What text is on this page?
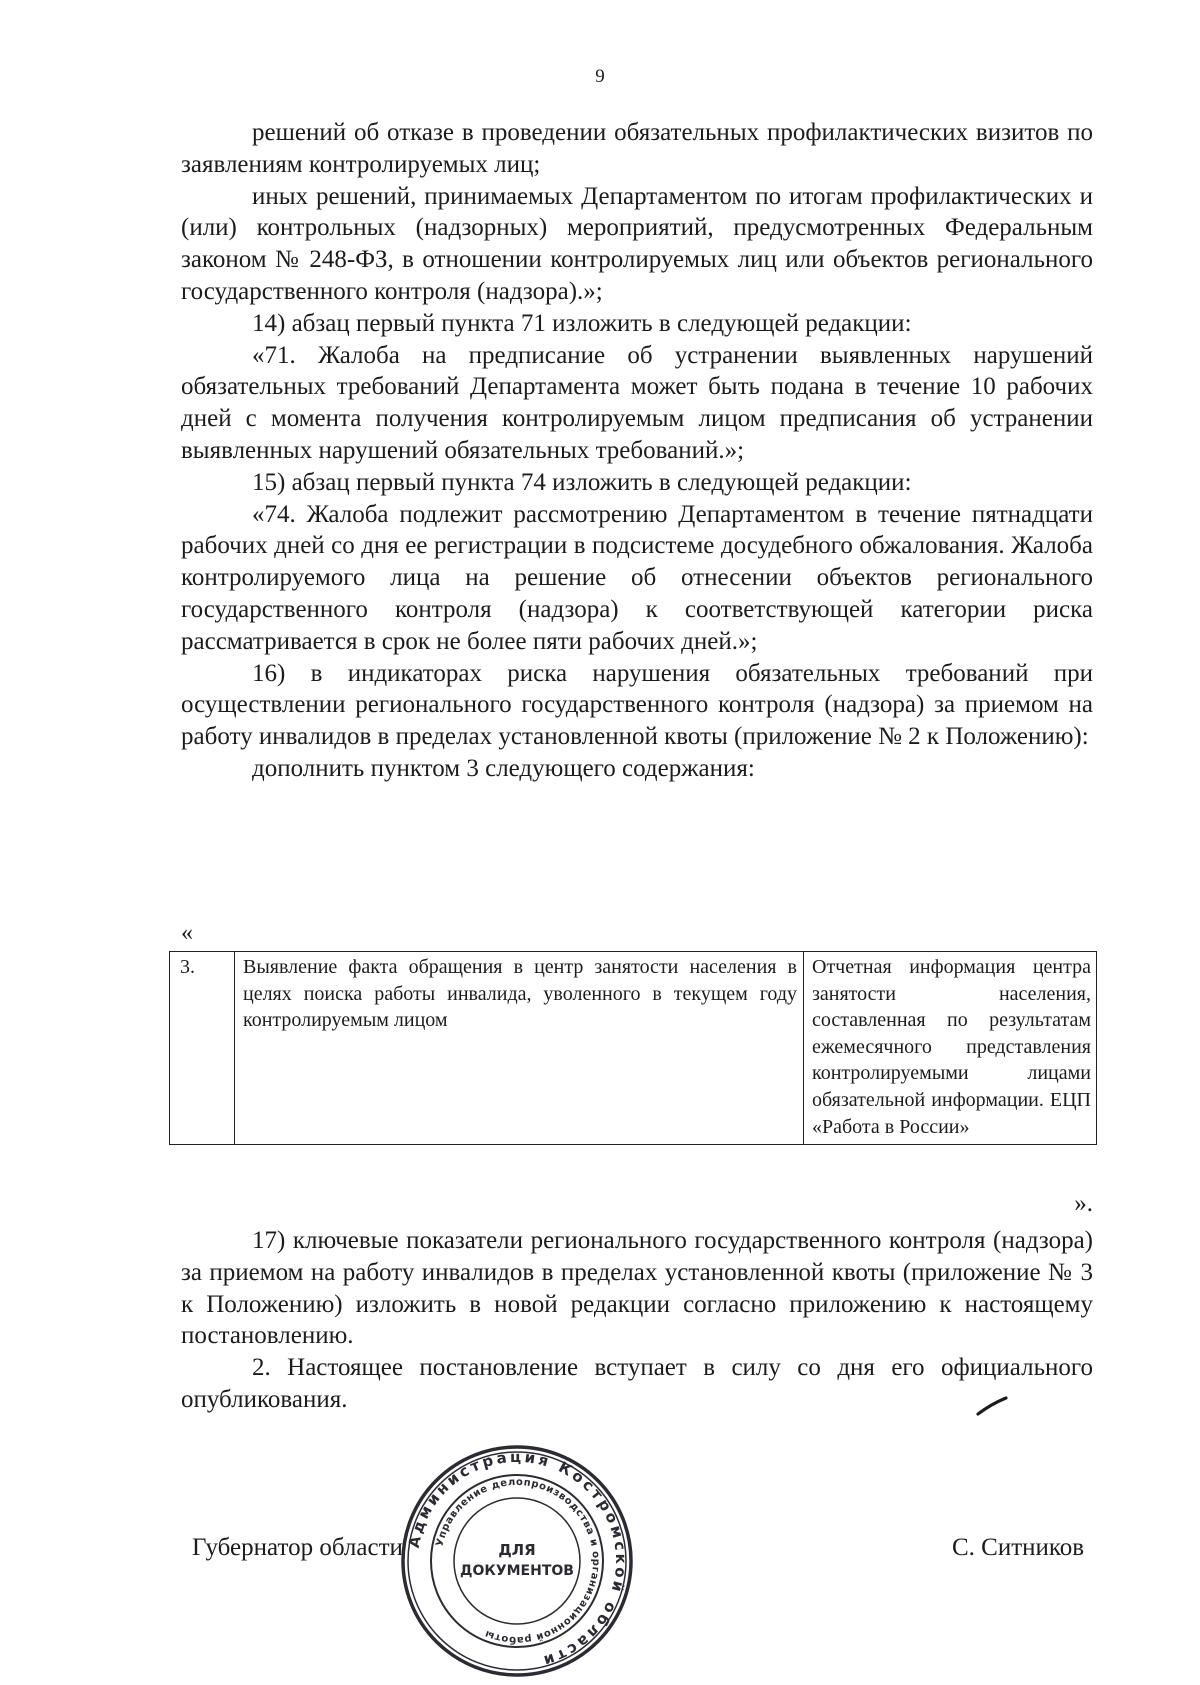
9

решений об отказе в проведении обязательных профилактических визитов по заявлениям контролируемых лиц;

иных решений, принимаемых Департаментом по итогам профилактических и (или) контрольных (надзорных) мероприятий, предусмотренных Федеральным законом № 248-ФЗ, в отношении контролируемых лиц или объектов регионального государственного контроля (надзора).»;

14) абзац первый пункта 71 изложить в следующей редакции:

«71. Жалоба на предписание об устранении выявленных нарушений обязательных требований Департамента может быть подана в течение 10 рабочих дней с момента получения контролируемым лицом предписания об устранении выявленных нарушений обязательных требований.»;

15) абзац первый пункта 74 изложить в следующей редакции:

«74. Жалоба подлежит рассмотрению Департаментом в течение пятнадцати рабочих дней со дня ее регистрации в подсистеме досудебного обжалования. Жалоба контролируемого лица на решение об отнесении объектов регионального государственного контроля (надзора) к соответствующей категории риска рассматривается в срок не более пяти рабочих дней.»;

16) в индикаторах риска нарушения обязательных требований при осуществлении регионального государственного контроля (надзора) за приемом на работу инвалидов в пределах установленной квоты (приложение № 2 к Положению):

дополнить пунктом 3 следующего содержания:

«
3.	Выявление факта обращения в центр занятости населения в целях поиска работы инвалида, уволенного в текущем году контролируемым лицом	Отчетная информация центра занятости населения, составленная по результатам ежемесячного представления контролируемыми лицами обязательной информации. ЕЦП «Работа в России»
».

17) ключевые показатели регионального государственного контроля (надзора) за приемом на работу инвалидов в пределах установленной квоты (приложение № 3 к Положению) изложить в новой редакции согласно приложению к настоящему постановлению.

2. Настоящее постановление вступает в силу со дня его официального опубликования.

Губернатор области	С. Ситников
Администрация Костромской области
Управление делопроизводства и организационной работы
ДЛЯ
ДОКУМЕНТОВ
